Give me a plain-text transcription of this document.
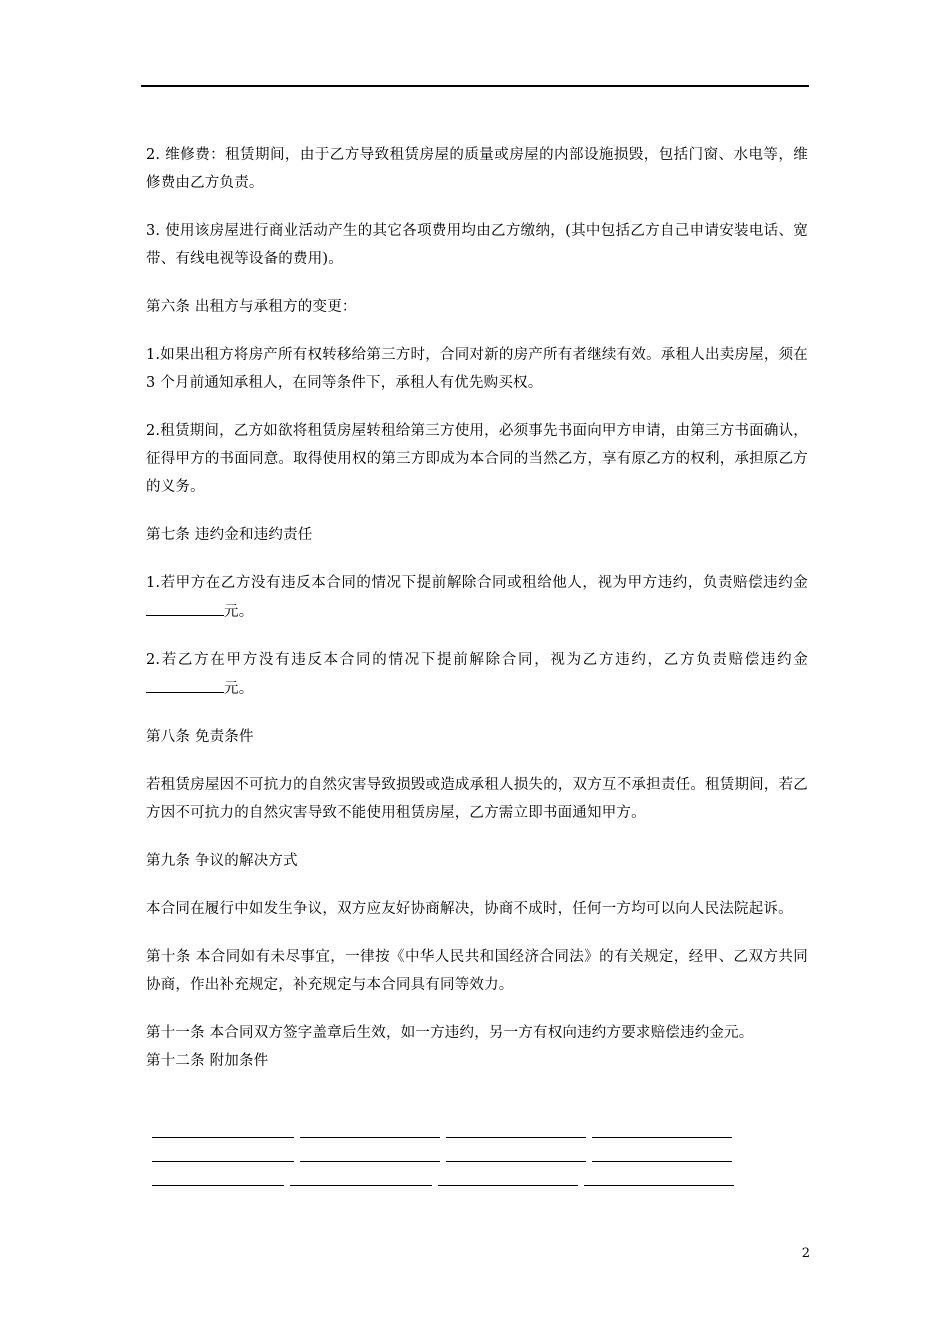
2. 维修费：租赁期间，由于乙方导致租赁房屋的质量或房屋的内部设施损毁，包括门窗、水电等，维修费由乙方负责。

3. 使用该房屋进行商业活动产生的其它各项费用均由乙方缴纳，(其中包括乙方自己申请安装电话、宽带、有线电视等设备的费用)。

第六条 出租方与承租方的变更：

1.如果出租方将房产所有权转移给第三方时，合同对新的房产所有者继续有效。承租人出卖房屋，须在 3 个月前通知承租人，在同等条件下，承租人有优先购买权。

2.租赁期间，乙方如欲将租赁房屋转租给第三方使用，必须事先书面向甲方申请，由第三方书面确认，征得甲方的书面同意。取得使用权的第三方即成为本合同的当然乙方，享有原乙方的权利，承担原乙方的义务。

第七条 违约金和违约责任

1.若甲方在乙方没有违反本合同的情况下提前解除合同或租给他人，视为甲方违约，负责赔偿违约金元。

2.若乙方在甲方没有违反本合同的情况下提前解除合同，视为乙方违约，乙方负责赔偿违约金元。

第八条 免责条件

若租赁房屋因不可抗力的自然灾害导致损毁或造成承租人损失的，双方互不承担责任。租赁期间，若乙方因不可抗力的自然灾害导致不能使用租赁房屋，乙方需立即书面通知甲方。

第九条 争议的解决方式

本合同在履行中如发生争议，双方应友好协商解决，协商不成时，任何一方均可以向人民法院起诉。

第十条 本合同如有未尽事宜，一律按《中华人民共和国经济合同法》的有关规定，经甲、乙双方共同协商，作出补充规定，补充规定与本合同具有同等效力。

第十一条 本合同双方签字盖章后生效，如一方违约，另一方有权向违约方要求赔偿违约金元。

第十二条 附加条件

2
